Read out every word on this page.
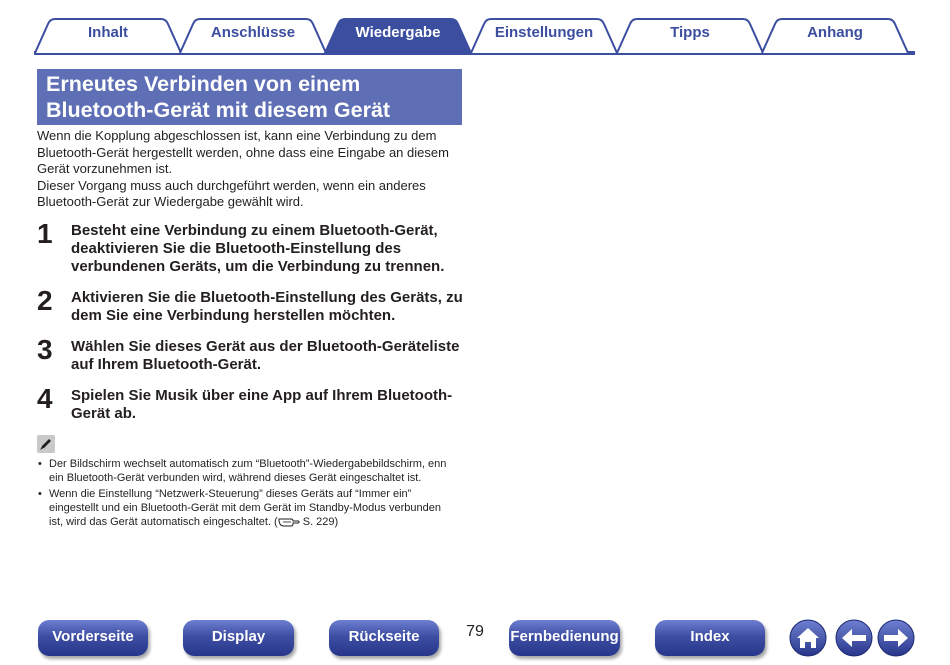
Inhalt	Anschlüsse	Wiedergabe	Einstellungen	Tipps	Anhang
Erneutes Verbinden von einem
Bluetooth-Gerät mit diesem Gerät
Wenn die Kopplung abgeschlossen ist, kann eine Verbindung zu dem
Bluetooth-Gerät hergestellt werden, ohne dass eine Eingabe an diesem
Gerät vorzunehmen ist.
Dieser Vorgang muss auch durchgeführt werden, wenn ein anderes
Bluetooth-Gerät zur Wiedergabe gewählt wird.
1 Besteht eine Verbindung zu einem Bluetooth-Gerät,
deaktivieren Sie die Bluetooth-Einstellung des
verbundenen Geräts, um die Verbindung zu trennen.
2 Aktivieren Sie die Bluetooth-Einstellung des Geräts, zu
dem Sie eine Verbindung herstellen möchten.
3 Wählen Sie dieses Gerät aus der Bluetooth-Geräteliste
auf Ihrem Bluetooth-Gerät.
4 Spielen Sie Musik über eine App auf Ihrem Bluetooth-
Gerät ab.
• Der Bildschirm wechselt automatisch zum “Bluetooth”-Wiedergabebildschirm, enn
ein Bluetooth-Gerät verbunden wird, während dieses Gerät eingeschaltet ist.
• Wenn die Einstellung “Netzwerk-Steuerung” dieses Geräts auf “Immer ein”
eingestellt und ein Bluetooth-Gerät mit dem Gerät im Standby-Modus verbunden
ist, wird das Gerät automatisch eingeschaltet. ( S. 229)
Vorderseite	Display	Rückseite	79	Fernbedienung	Index
